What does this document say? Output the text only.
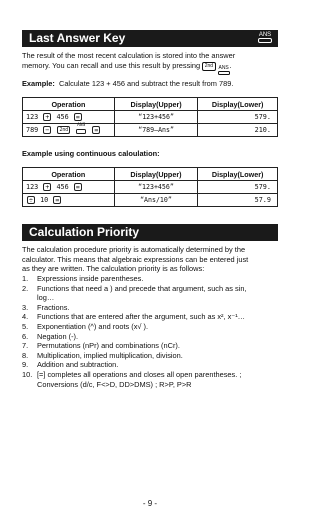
Last Answer Key	ANS
The result of the most recent calculation is stored into the answer
memory. You can recall and use this result by pressing 2nd ANS .
Example: Calculate 123 + 456 and subtract the result from 789.
Operation	Display(Upper)	Display(Lower)
123 + 456 =	“123+456”	579.
789 − 2nd
ANS
=	“789–Ans”	210.
Example using continuous caloulation:
Operation	Display(Upper)	Display(Lower)
123 + 456 =	“123+456”	579.
÷ 10 =	“Ans/10”	57.9
Calculation Priority
The calculation procedure priority is automatically determined by the
calculator. This means that algebraic expressions can be entered just
as they are written. The calculation priority is as follows:
1. Expressions inside parentheses.
2. Functions that need a ) and precede that argument, such as sin,
log…
3. Fractions.
4. Functions that are entered after the argument, such as x², x⁻¹…
5. Exponentiation (^) and roots (x√ ).
6. Negation (-).
7. Permutations (nPr) and combinations (nCr).
8. Multiplication, implied multiplication, division.
9. Addition and subtraction.
10. [=] completes all operations and closes all open parentheses. ;
Conversions (d/c, F<>D, DD>DMS) ; R>P, P>R
- 9 -
